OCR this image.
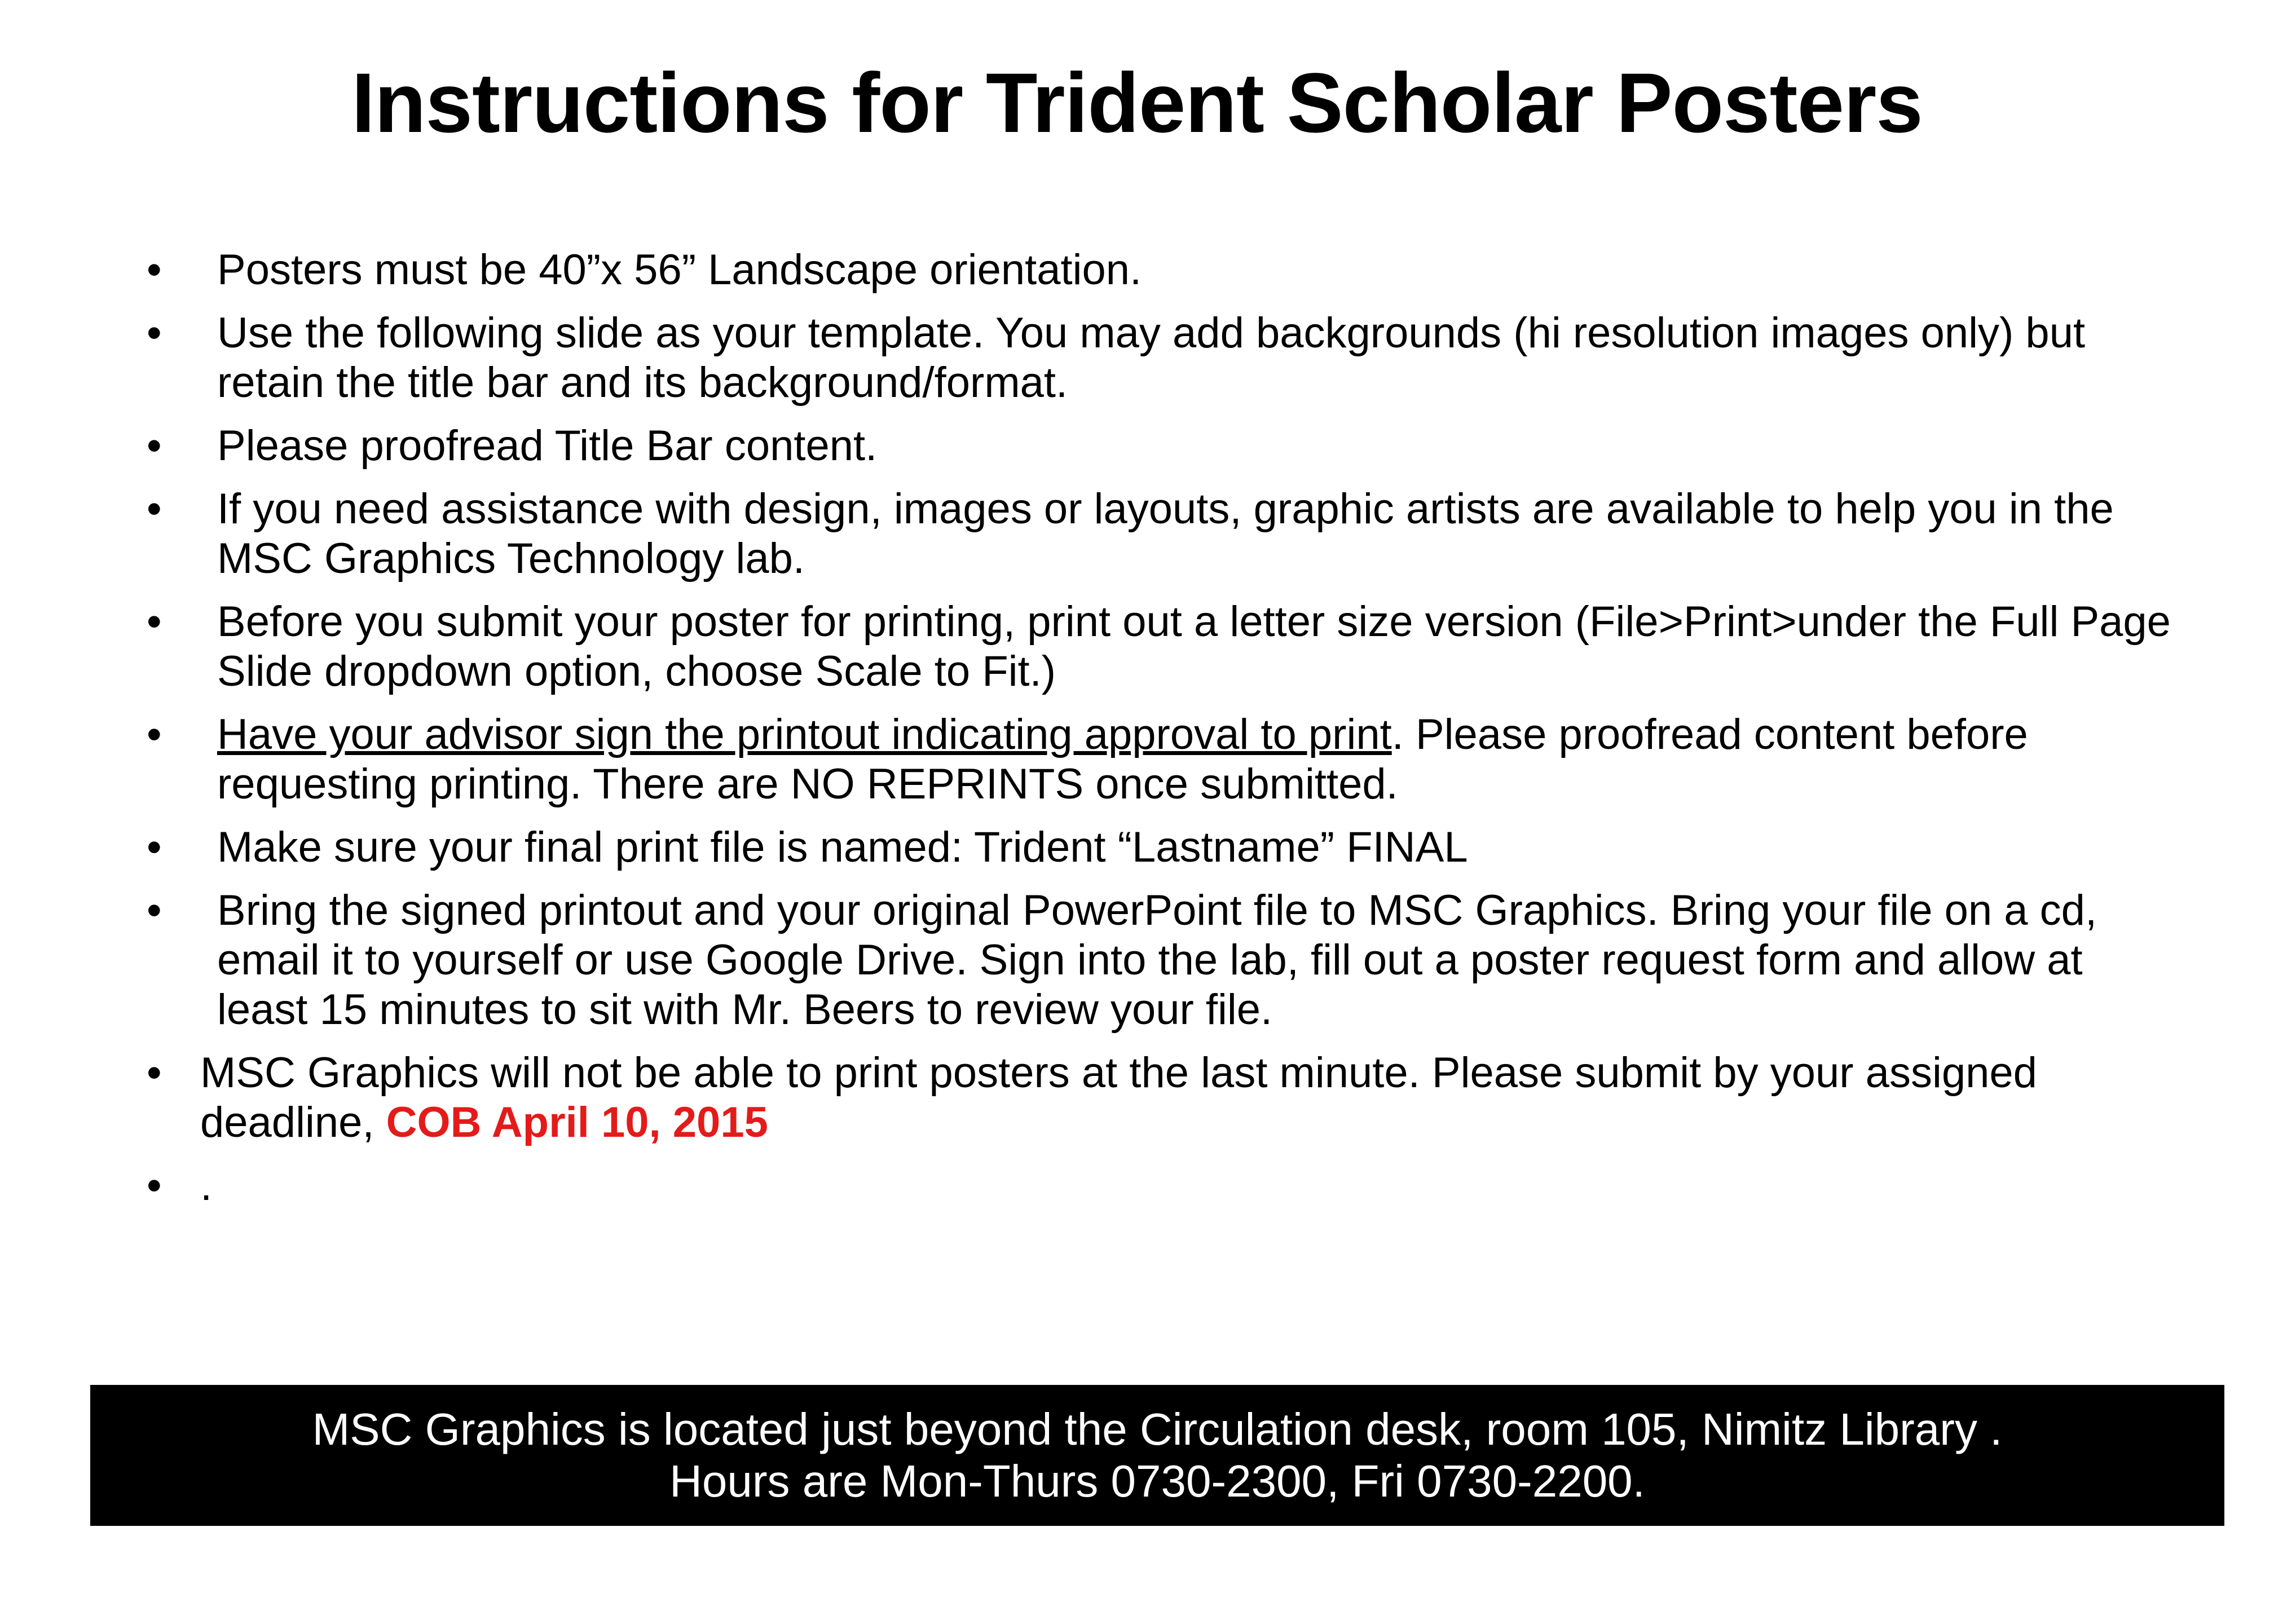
Instructions for Trident Scholar Posters
• Posters must be 40”x 56” Landscape orientation.
• Use the following slide as your template. You may add backgrounds (hi resolution images only) but retain the title bar and its background/format.
• Please proofread Title Bar content.
• If you need assistance with design, images or layouts, graphic artists are available to help you in the MSC Graphics Technology lab.
• Before you submit your poster for printing, print out a letter size version (File>Print>under the Full Page Slide dropdown option, choose Scale to Fit.)
• Have your advisor sign the printout indicating approval to print. Please proofread content before requesting printing. There are NO REPRINTS once submitted.
• Make sure your final print file is named: Trident “Lastname” FINAL
• Bring the signed printout and your original PowerPoint file to MSC Graphics. Bring your file on a cd, email it to yourself or use Google Drive. Sign into the lab, fill out a poster request form and allow at least 15 minutes to sit with Mr. Beers to review your file.
• MSC Graphics will not be able to print posters at the last minute. Please submit by your assigned deadline, COB April 10, 2015
• .
MSC Graphics is located just beyond the Circulation desk, room 105, Nimitz Library .
Hours are Mon-Thurs 0730-2300, Fri 0730-2200.
